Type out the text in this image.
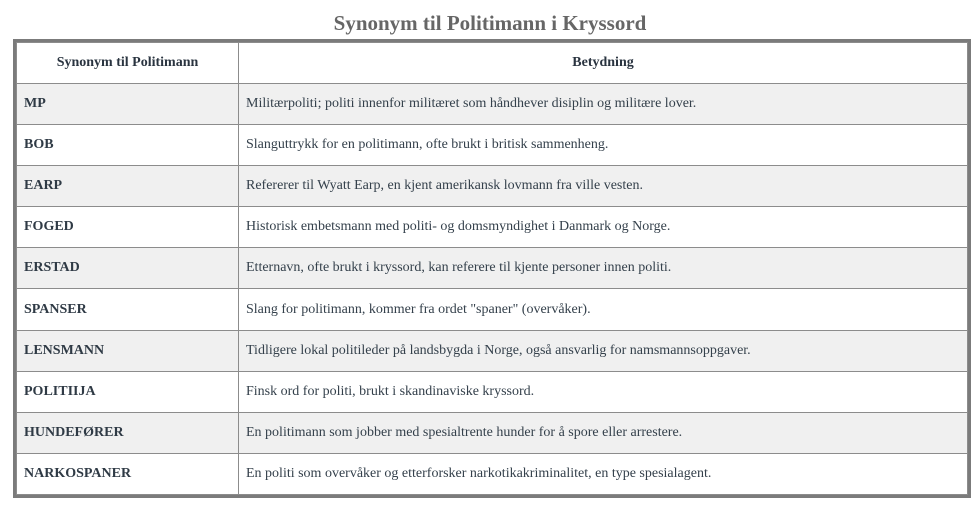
Synonym til Politimann i Kryssord
Synonym til Politimann	Betydning
MP	Militærpoliti; politi innenfor militæret som håndhever disiplin og militære lover.
BOB	Slanguttrykk for en politimann, ofte brukt i britisk sammenheng.
EARP	Refererer til Wyatt Earp, en kjent amerikansk lovmann fra ville vesten.
FOGED	Historisk embetsmann med politi- og domsmyndighet i Danmark og Norge.
ERSTAD	Etternavn, ofte brukt i kryssord, kan referere til kjente personer innen politi.
SPANSER	Slang for politimann, kommer fra ordet "spaner" (overvåker).
LENSMANN	Tidligere lokal politileder på landsbygda i Norge, også ansvarlig for namsmannsoppgaver.
POLITIIJA	Finsk ord for politi, brukt i skandinaviske kryssord.
HUNDEFØRER	En politimann som jobber med spesialtrente hunder for å spore eller arrestere.
NARKOSPANER	En politi som overvåker og etterforsker narkotikakriminalitet, en type spesialagent.
